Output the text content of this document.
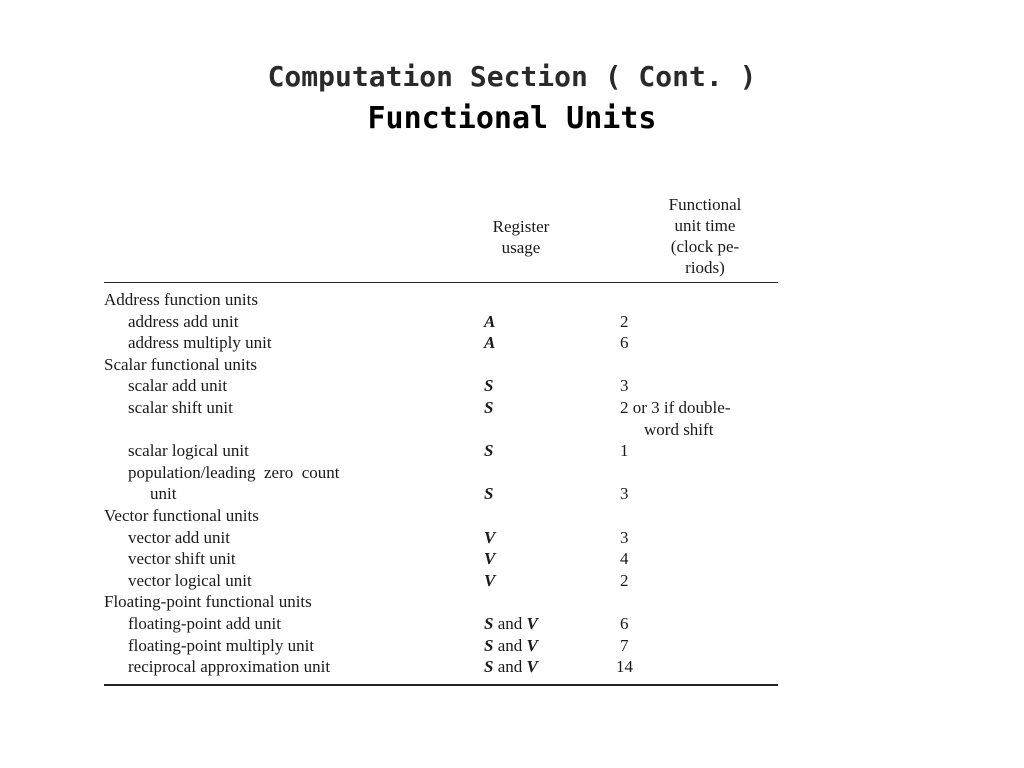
Computation Section ( Cont. )
Functional Units
Register
usage
Functional
unit time
(clock pe-
riods)
Address function units
address add unit	A	2
address multiply unit	A	6
Scalar functional units
scalar add unit	S	3
scalar shift unit	S	2 or 3 if double-

word shift
scalar logical unit	S	1
population/leading  zero  count
unit	S	3
Vector functional units
vector add unit	V	3
vector shift unit	V	4
vector logical unit	V	2
Floating-point functional units
floating-point add unit	S and V	6
floating-point multiply unit	S and V	7
reciprocal approximation unit	S and V	14
